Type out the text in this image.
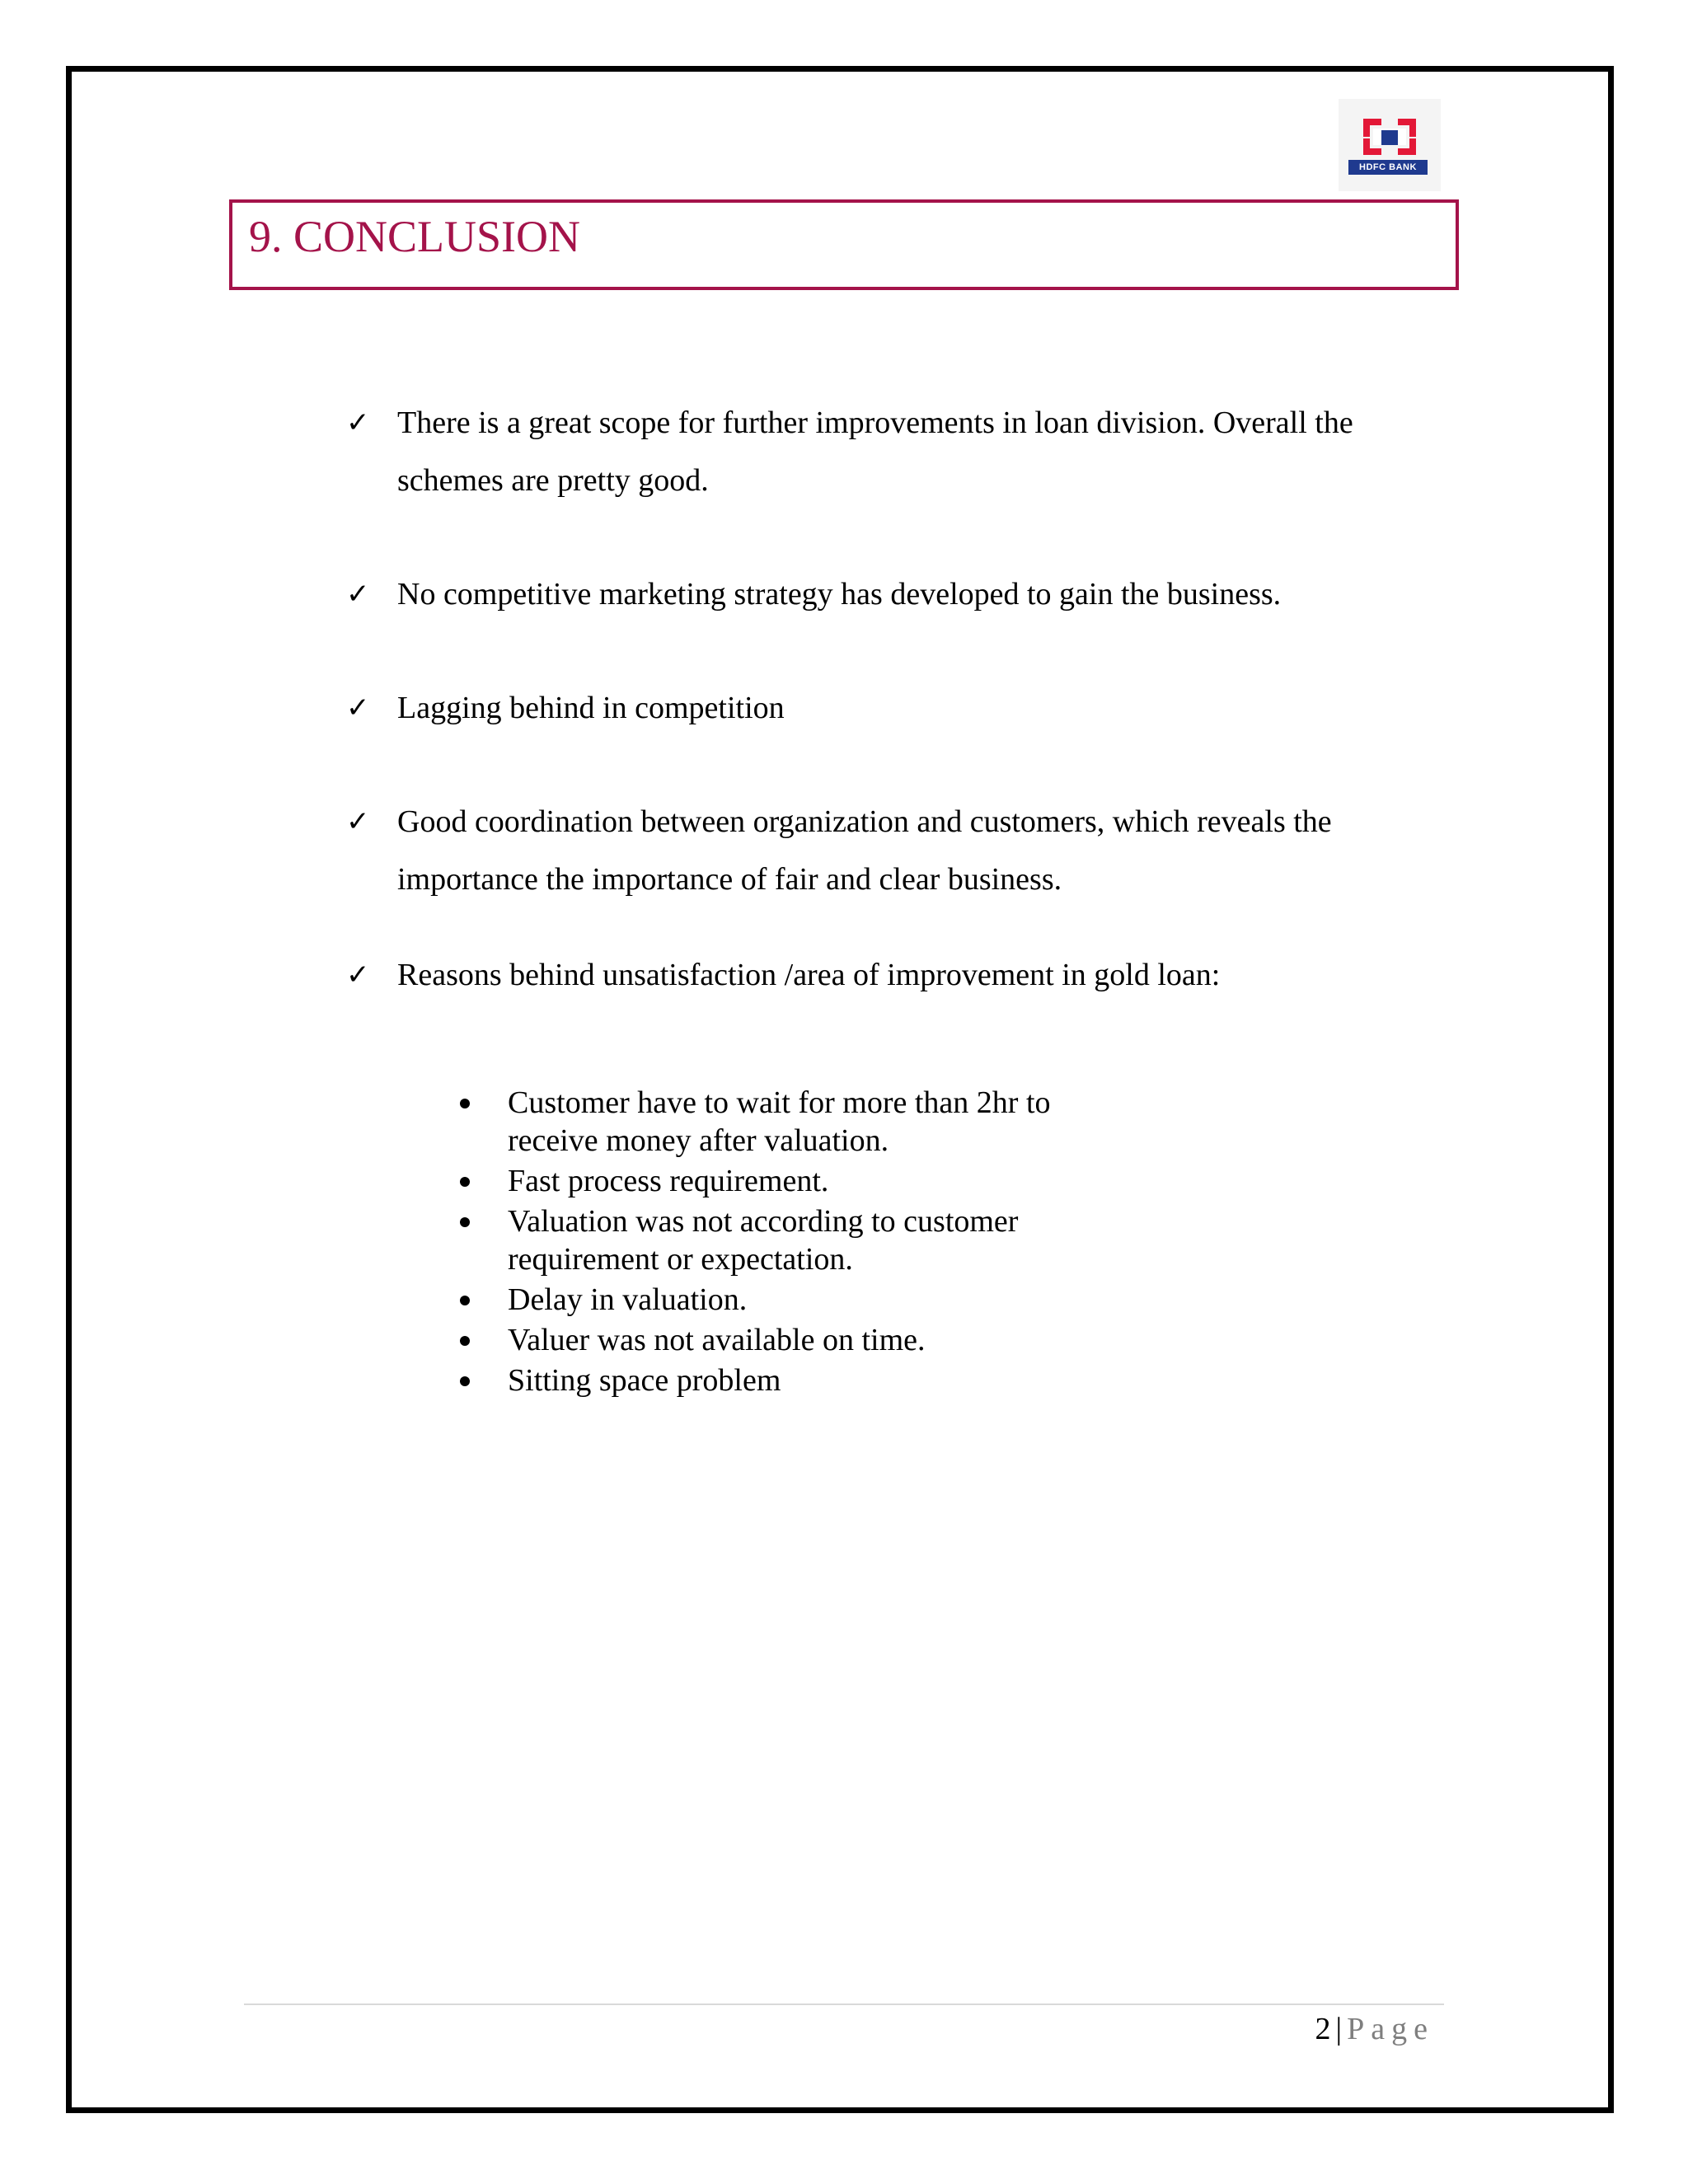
HDFC BANK
9. CONCLUSION
✓ There is a great scope for further improvements in loan division. Overall the schemes are pretty good.
✓ No competitive marketing strategy has developed to gain the business.
✓ Lagging behind in competition
✓ Good coordination between organization and customers, which reveals the importance the importance of fair and clear business.
✓ Reasons behind unsatisfaction /area of improvement in gold loan:
Customer have to wait for more than 2hr to receive money after valuation.
Fast process requirement.
Valuation was not according to customer requirement or expectation.
Delay in valuation.
Valuer was not available on time.
Sitting space problem
2 | Page
